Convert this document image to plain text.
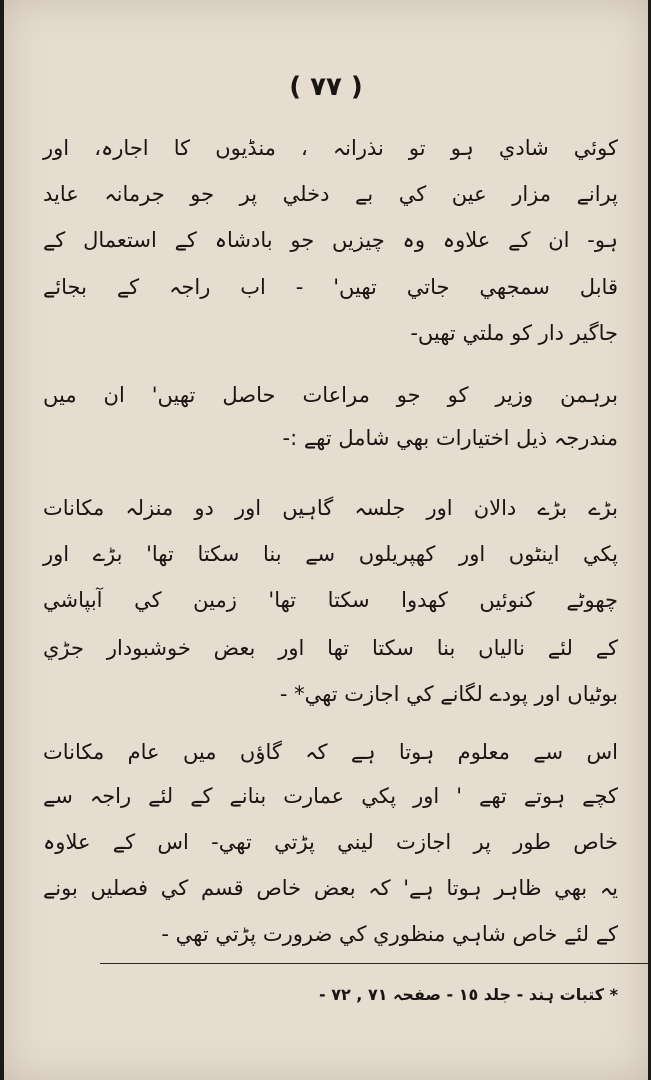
( ٧٧ )
کوئي شادي ہو تو نذرانہ ، منڈیوں کا اجارہ، اور
پرانے مزار عین کي بے دخلي پر جو جرمانہ عاید
ہو- ان کے علاوہ وہ چیزیں جو بادشاہ کے استعمال کے
قابل سمجھي جاتي تھیں' - اب راجہ کے بجائے
جاگیر دار کو ملتي تھیں-
برہمن وزیر کو جو مراعات حاصل تھیں' ان میں
مندرجہ ذیل اختیارات بھي شامل تھے :-
بڑے بڑے دالان اور جلسہ گاہیں اور دو منزلہ مکانات
پکي اینٹوں اور کھپریلوں سے بنا سکتا تھا' بڑے اور
چھوٹے کنوئیں کھدوا سکتا تھا' زمین کي آبپاشي
کے لئے نالیاں بنا سکتا تھا اور بعض خوشبودار جڑي
بوٹیاں اور پودے لگانے کي اجازت تھي* -
اس سے معلوم ہوتا ہے کہ گاؤں میں عام مکانات
کچے ہوتے تھے ' اور پکي عمارت بنانے کے لئے راجہ سے
خاص طور پر اجازت لیني پڑتي تھي- اس کے علاوہ
یہ بھي ظاہر ہوتا ہے' کہ بعض خاص قسم کي فصلیں بونے
کے لئے خاص شاہي منظوري کي ضرورت پڑتي تھي -
* کتبات ہند - جلد ١٥ - صفحہ ٧١ , ٧٢ -
